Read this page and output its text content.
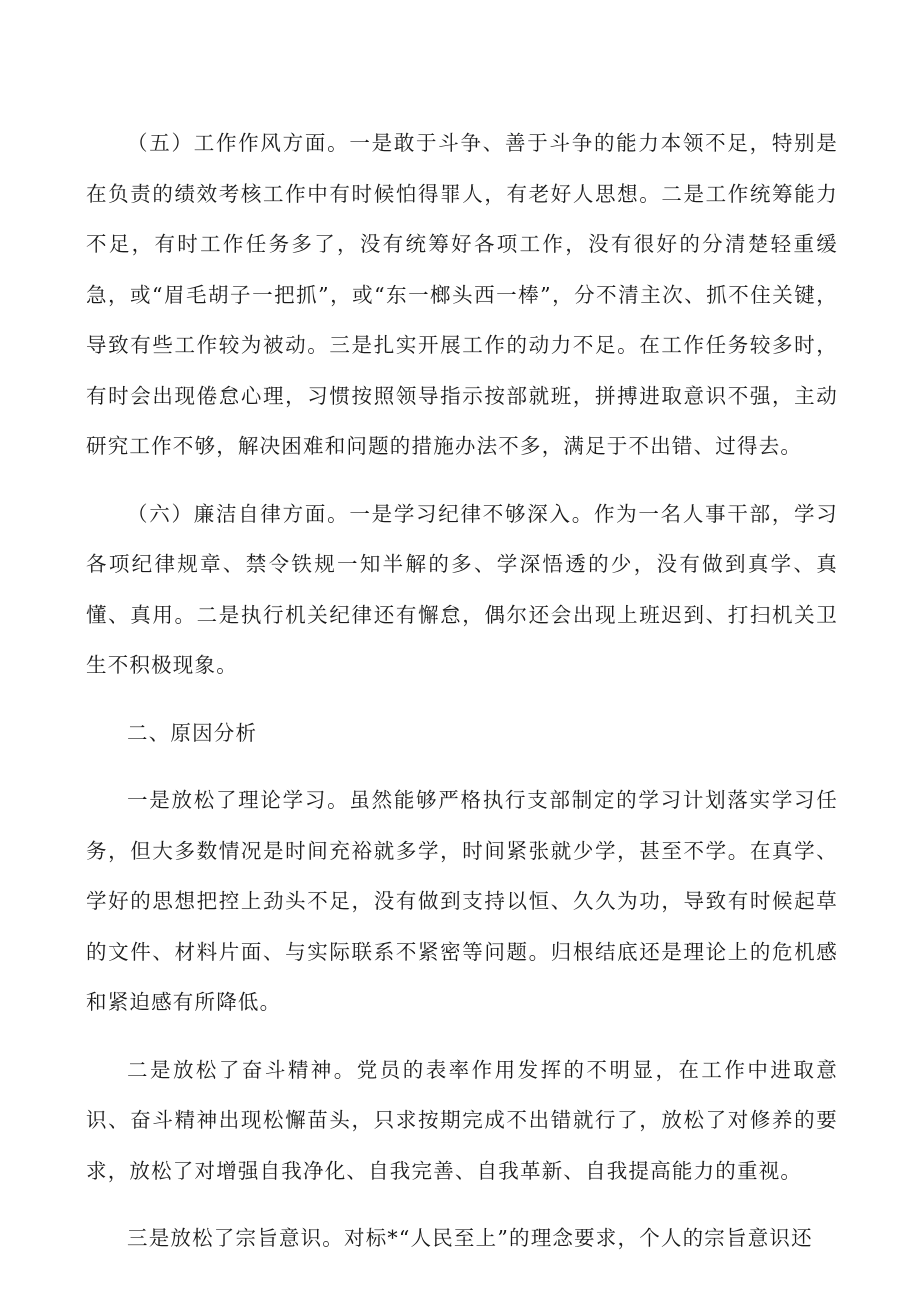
（五）工作作风方面。一是敢于斗争、善于斗争的能力本领不足，特别是在负责的绩效考核工作中有时候怕得罪人，有老好人思想。二是工作统筹能力不足，有时工作任务多了，没有统筹好各项工作，没有很好的分清楚轻重缓急，或“眉毛胡子一把抓”，或“东一榔头西一棒”，分不清主次、抓不住关键，导致有些工作较为被动。三是扎实开展工作的动力不足。在工作任务较多时，有时会出现倦怠心理，习惯按照领导指示按部就班，拼搏进取意识不强，主动研究工作不够，解决困难和问题的措施办法不多，满足于不出错、过得去。

（六）廉洁自律方面。一是学习纪律不够深入。作为一名人事干部，学习各项纪律规章、禁令铁规一知半解的多、学深悟透的少，没有做到真学、真懂、真用。二是执行机关纪律还有懈怠，偶尔还会出现上班迟到、打扫机关卫生不积极现象。

二、原因分析

一是放松了理论学习。虽然能够严格执行支部制定的学习计划落实学习任务，但大多数情况是时间充裕就多学，时间紧张就少学，甚至不学。在真学、学好的思想把控上劲头不足，没有做到支持以恒、久久为功，导致有时候起草的文件、材料片面、与实际联系不紧密等问题。归根结底还是理论上的危机感和紧迫感有所降低。

二是放松了奋斗精神。党员的表率作用发挥的不明显，在工作中进取意识、奋斗精神出现松懈苗头，只求按期完成不出错就行了，放松了对修养的要求，放松了对增强自我净化、自我完善、自我革新、自我提高能力的重视。

三是放松了宗旨意识。对标*“人民至上”的理念要求，个人的宗旨意识还
